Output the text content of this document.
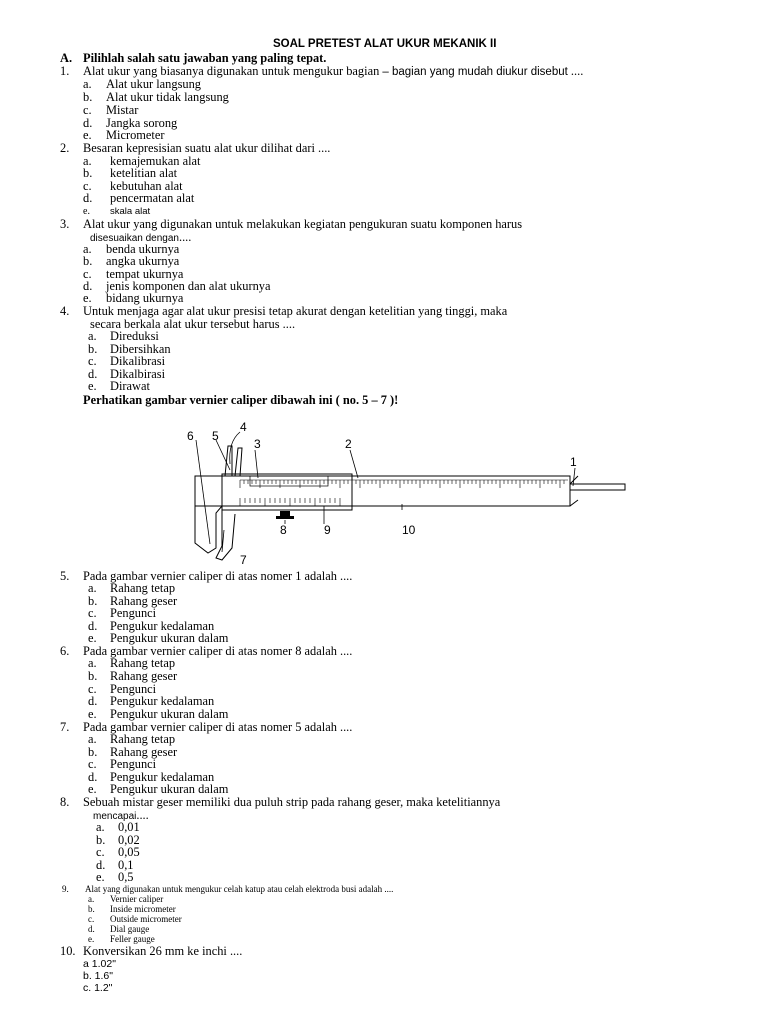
SOAL PRETEST ALAT UKUR MEKANIK II
A. Pilihlah salah satu jawaban yang paling tepat.
1. Alat ukur yang biasanya digunakan untuk mengukur bagian – bagian yang mudah diukur disebut ....
a. Alat ukur langsung
b. Alat ukur tidak langsung
c. Mistar
d. Jangka sorong
e. Micrometer
2. Besaran kepresisian suatu alat ukur dilihat dari ....
a. kemajemukan alat
b. ketelitian alat
c. kebutuhan alat
d. pencermatan alat
e. skala alat
3. Alat ukur yang digunakan untuk melakukan kegiatan pengukuran suatu komponen harus
disesuaikan dengan....
a. benda ukurnya
b. angka ukurnya
c. tempat ukurnya
d. jenis komponen dan alat ukurnya
e. bidang ukurnya
4. Untuk menjaga agar alat ukur presisi tetap akurat dengan ketelitian yang tinggi, maka
secara berkala alat ukur tersebut harus ....
a. Direduksi
b. Dibersihkan
c. Dikalibrasi
d. Dikalbirasi
e. Dirawat
Perhatikan gambar vernier caliper dibawah ini ( no. 5 – 7 )!
6 5
4
3	2
1
8	9	10
7
5. Pada gambar vernier caliper di atas nomer 1 adalah ....
a. Rahang tetap
b. Rahang geser
c. Pengunci
d. Pengukur kedalaman
e. Pengukur ukuran dalam
6. Pada gambar vernier caliper di atas nomer 8 adalah ....
a. Rahang tetap
b. Rahang geser
c. Pengunci
d. Pengukur kedalaman
e. Pengukur ukuran dalam
7. Pada gambar vernier caliper di atas nomer 5 adalah ....
a. Rahang tetap
b. Rahang geser
c. Pengunci
d. Pengukur kedalaman
e. Pengukur ukuran dalam
8. Sebuah mistar geser memiliki dua puluh strip pada rahang geser, maka ketelitiannya
mencapai....
a. 0,01
b. 0,02
c. 0,05
d. 0,1
e. 0,5
9. Alat yang digunakan untuk mengukur celah katup atau celah elektroda busi adalah ....
a. Vernier caliper
b. Inside micrometer
c. Outside micrometer
d. Dial gauge
e. Feller gauge
10. Konversikan 26 mm ke inchi ....
a 1.02"
b. 1.6"
c. 1.2"
